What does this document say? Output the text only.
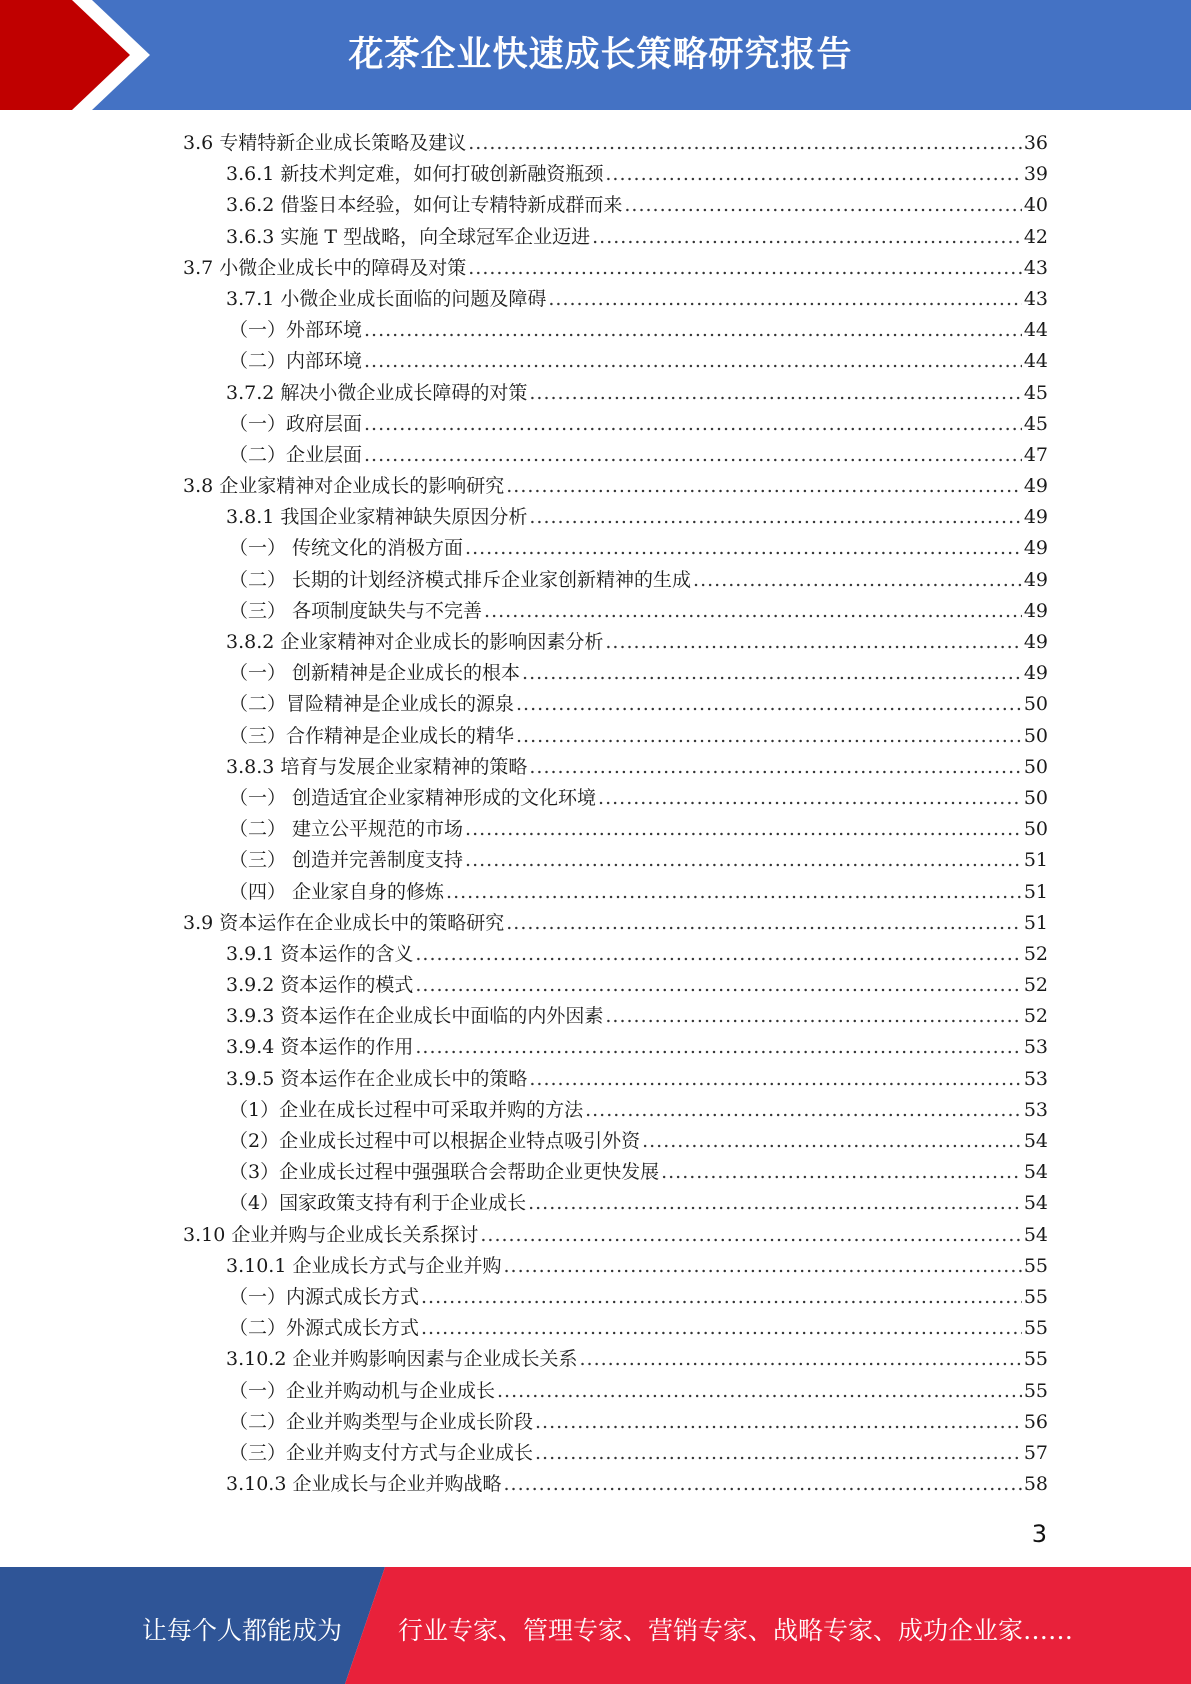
花茶企业快速成长策略研究报告
3.6 专精特新企业成长策略及建议 .....	36
3.6.1 新技术判定难，如何打破创新融资瓶颈 .....	39
3.6.2 借鉴日本经验，如何让专精特新成群而来 .....	40
3.6.3 实施 T 型战略，向全球冠军企业迈进 .....	42
3.7 小微企业成长中的障碍及对策 .....	43
3.7.1 小微企业成长面临的问题及障碍 .....	43
（一）外部环境 .....	44
（二）内部环境 .....	44
3.7.2 解决小微企业成长障碍的对策 .....	45
（一）政府层面 .....	45
（二）企业层面 .....	47
3.8 企业家精神对企业成长的影响研究 .....	49
3.8.1 我国企业家精神缺失原因分析 .....	49
（一） 传统文化的消极方面 .....	49
（二） 长期的计划经济模式排斥企业家创新精神的生成 .....	49
（三） 各项制度缺失与不完善 .....	49
3.8.2 企业家精神对企业成长的影响因素分析 .....	49
（一） 创新精神是企业成长的根本 .....	49
（二）冒险精神是企业成长的源泉 .....	50
（三）合作精神是企业成长的精华 .....	50
3.8.3 培育与发展企业家精神的策略 .....	50
（一） 创造适宜企业家精神形成的文化环境 .....	50
（二） 建立公平规范的市场 .....	50
（三） 创造并完善制度支持 .....	51
（四） 企业家自身的修炼 .....	51
3.9 资本运作在企业成长中的策略研究 .....	51
3.9.1 资本运作的含义 .....	52
3.9.2 资本运作的模式 .....	52
3.9.3 资本运作在企业成长中面临的内外因素 .....	52
3.9.4 资本运作的作用 .....	53
3.9.5 资本运作在企业成长中的策略 .....	53
（1）企业在成长过程中可采取并购的方法 .....	53
（2）企业成长过程中可以根据企业特点吸引外资 .....	54
（3）企业成长过程中强强联合会帮助企业更快发展 .....	54
（4）国家政策支持有利于企业成长 .....	54
3.10 企业并购与企业成长关系探讨 .....	54
3.10.1 企业成长方式与企业并购 .....	55
（一）内源式成长方式 .....	55
（二）外源式成长方式 .....	55
3.10.2 企业并购影响因素与企业成长关系 .....	55
（一）企业并购动机与企业成长 .....	55
（二）企业并购类型与企业成长阶段 .....	56
（三）企业并购支付方式与企业成长 .....	57
3.10.3 企业成长与企业并购战略 .....	58
3
让每个人都能成为 行业专家、管理专家、营销专家、战略专家、成功企业家……
